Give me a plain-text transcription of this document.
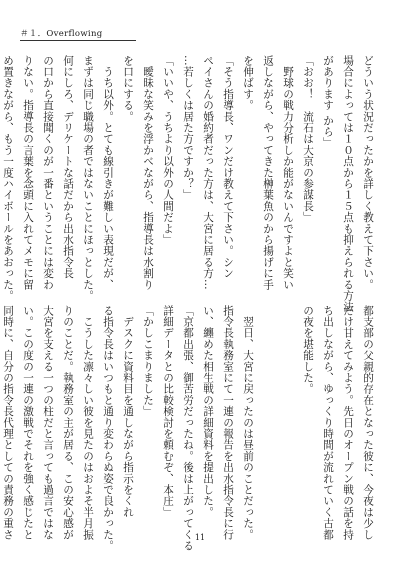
＃１．Overflowing
どういう状況だったかを詳しく教えて下さい。
場合によっては１０点から１５点も抑えられる方法
があります から」
「おお！　流石は大京の参謀長」
　野球の戦力分析しか能がないんですよと笑い
返しながら、やってきた榊葉魚のから揚げに手
を伸ばす。
「そう指導長、ワンだけ教えて下さい。シン
ペイさんの婚約者だった方は、大宮に居る方…
…若しくは居た方ですか？」
「いいや、うちより以外の人間だよ」
　曖昧な笑みを浮かべながら、指導長は水割り
を口にする。
　うち以外。とても線引きが難しい表現だが、
まずは同じ職場の者ではないことにほっとした。
何にしろ、デリケートな話だから出水指令長
の口から直接聞くのが一番ということには変わ
りない。指導長の言葉を念頭に入れてメモに留
め置きながら、もう一度ハイボールをあおった。
都支部の父親的存在となった彼に、今夜は少し
だけ甘えてみよう。先日のオープン戦の話を持
ち出しながら、ゆっくり時間が流れていく古都
の夜を堪能した。

　翌日、大宮に戻ったのは昼前のことだった。
指令長執務室にて一連の報告を出水指令長に行
い、纏めた相生戦の詳細資料を提出した。
「京都出張、御苦労だったね。後は上がってくる
詳細データとの比較検討を頼むぞ、本庄」
「かしこまりました」
　デスクに資料目を通しながら指示をくれ
る指令長はいつもと通り変わらぬ姿で良かった。
　こうした凛々しい彼を見たのはおよそ半月振
りのことだ。執務室の主が居る、この安心感が
大宮を支える一つの柱だと言っても過言ではな
い。この度の一連の激戦でそれを強く感じたと
同時に、自分の指令長代理としての責務の重さ	11
